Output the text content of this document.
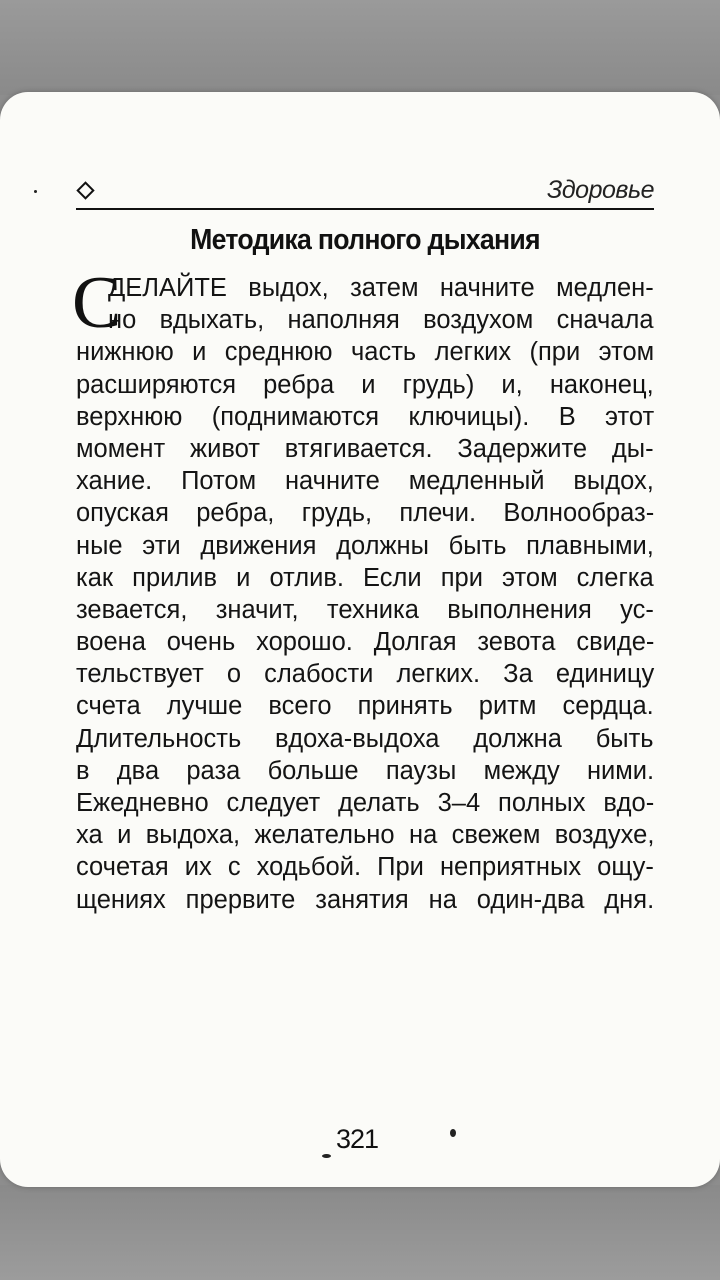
Здоровье
Методика полного дыхания
С
ДЕЛАЙТЕ выдох, затем начните медлен-
но вдыхать, наполняя воздухом сначала
нижнюю и среднюю часть легких (при этом
расширяются ребра и грудь) и, наконец,
верхнюю (поднимаются ключицы). В этот
момент живот втягивается. Задержите ды-
хание. Потом начните медленный выдох,
опуская ребра, грудь, плечи. Волнообраз-
ные эти движения должны быть плавными,
как прилив и отлив. Если при этом слегка
зевается, значит, техника выполнения ус-
воена очень хорошо. Долгая зевота свиде-
тельствует о слабости легких. За единицу
счета лучше всего принять ритм сердца.
Длительность вдоха-выдоха должна быть
в два раза больше паузы между ними.
Ежедневно следует делать 3–4 полных вдо-
ха и выдоха, желательно на свежем воздухе,
сочетая их с ходьбой. При неприятных ощу-
щениях прервите занятия на один-два дня.
321
